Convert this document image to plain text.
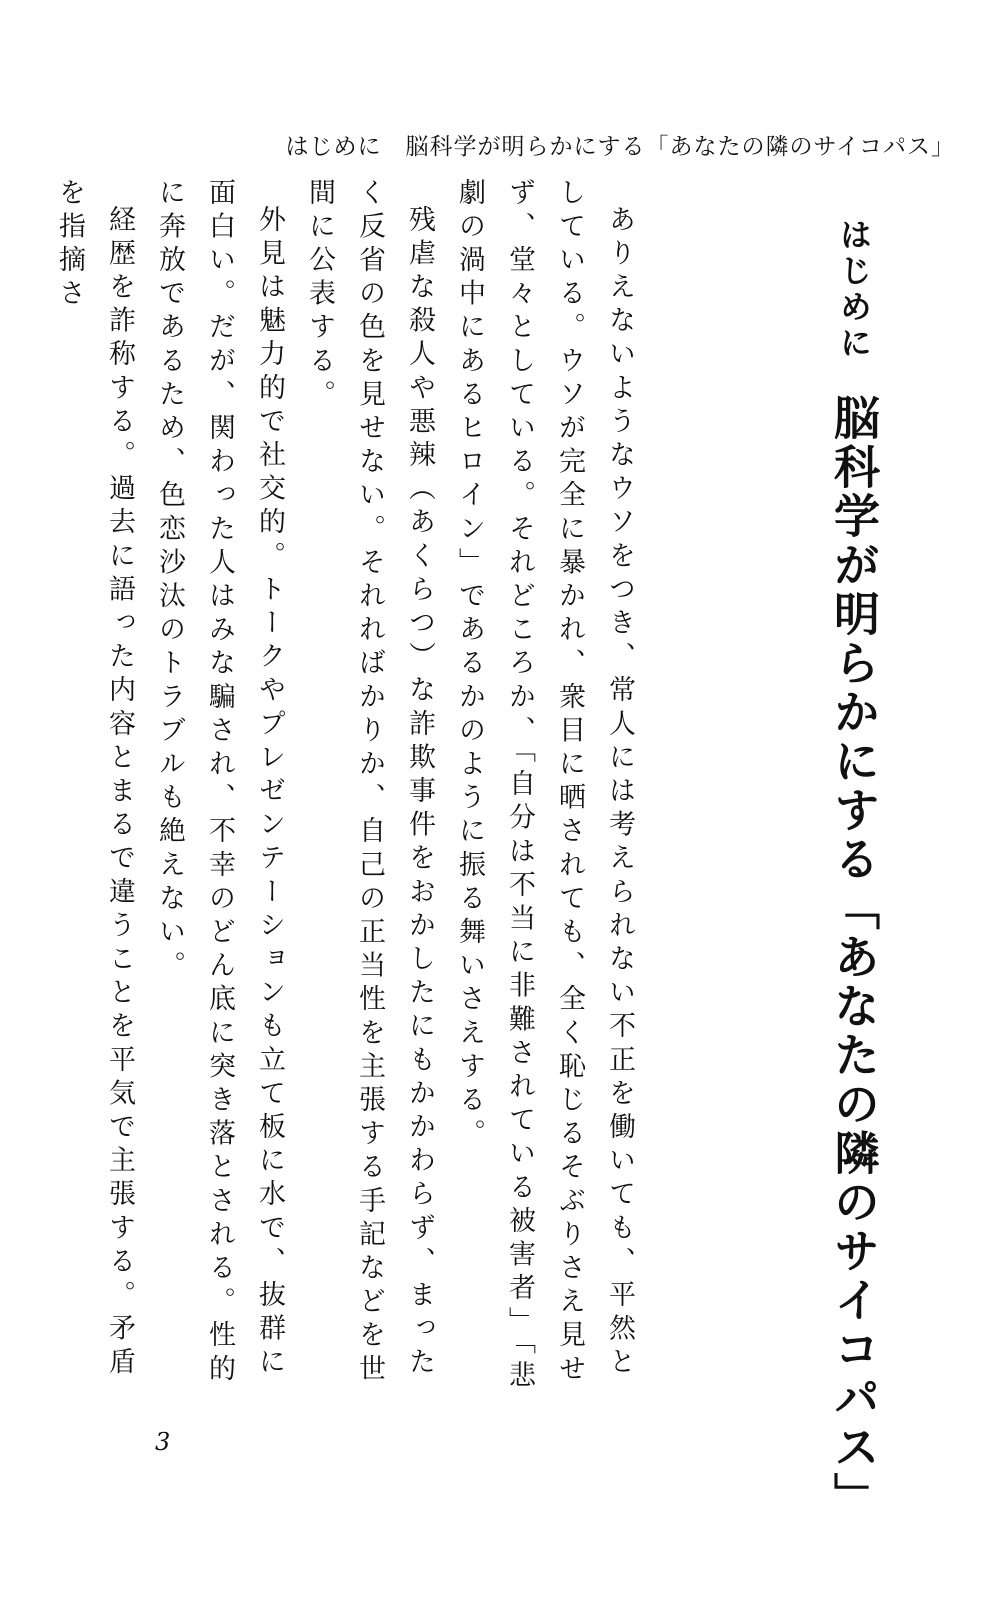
はじめに　脳科学が明らかにする「あなたの隣のサイコパス」
はじめに脳科学が明らかにする「あなたの隣のサイコパス」

ありえないようなウソをつき、常人には考えられない不正を働いても、平然としている。ウソが完全に暴かれ、衆目に晒されても、全く恥じるそぶりさえ見せず、堂々としている。それどころか、「自分は不当に非難されている被害者」「悲劇の渦中にあるヒロイン」であるかのように振る舞いさえする。

残虐な殺人や悪辣（あくらつ）な詐欺事件をおかしたにもかかわらず、まったく反省の色を見せない。それればかりか、自己の正当性を主張する手記などを世間に公表する。

外見は魅力的で社交的。トークやプレゼンテーションも立て板に水で、抜群に面白い。だが、関わった人はみな騙され、不幸のどん底に突き落とされる。性的に奔放であるため、色恋沙汰のトラブルも絶えない。

経歴を詐称する。過去に語った内容とまるで違うことを平気で主張する。矛盾を指摘さ

3
